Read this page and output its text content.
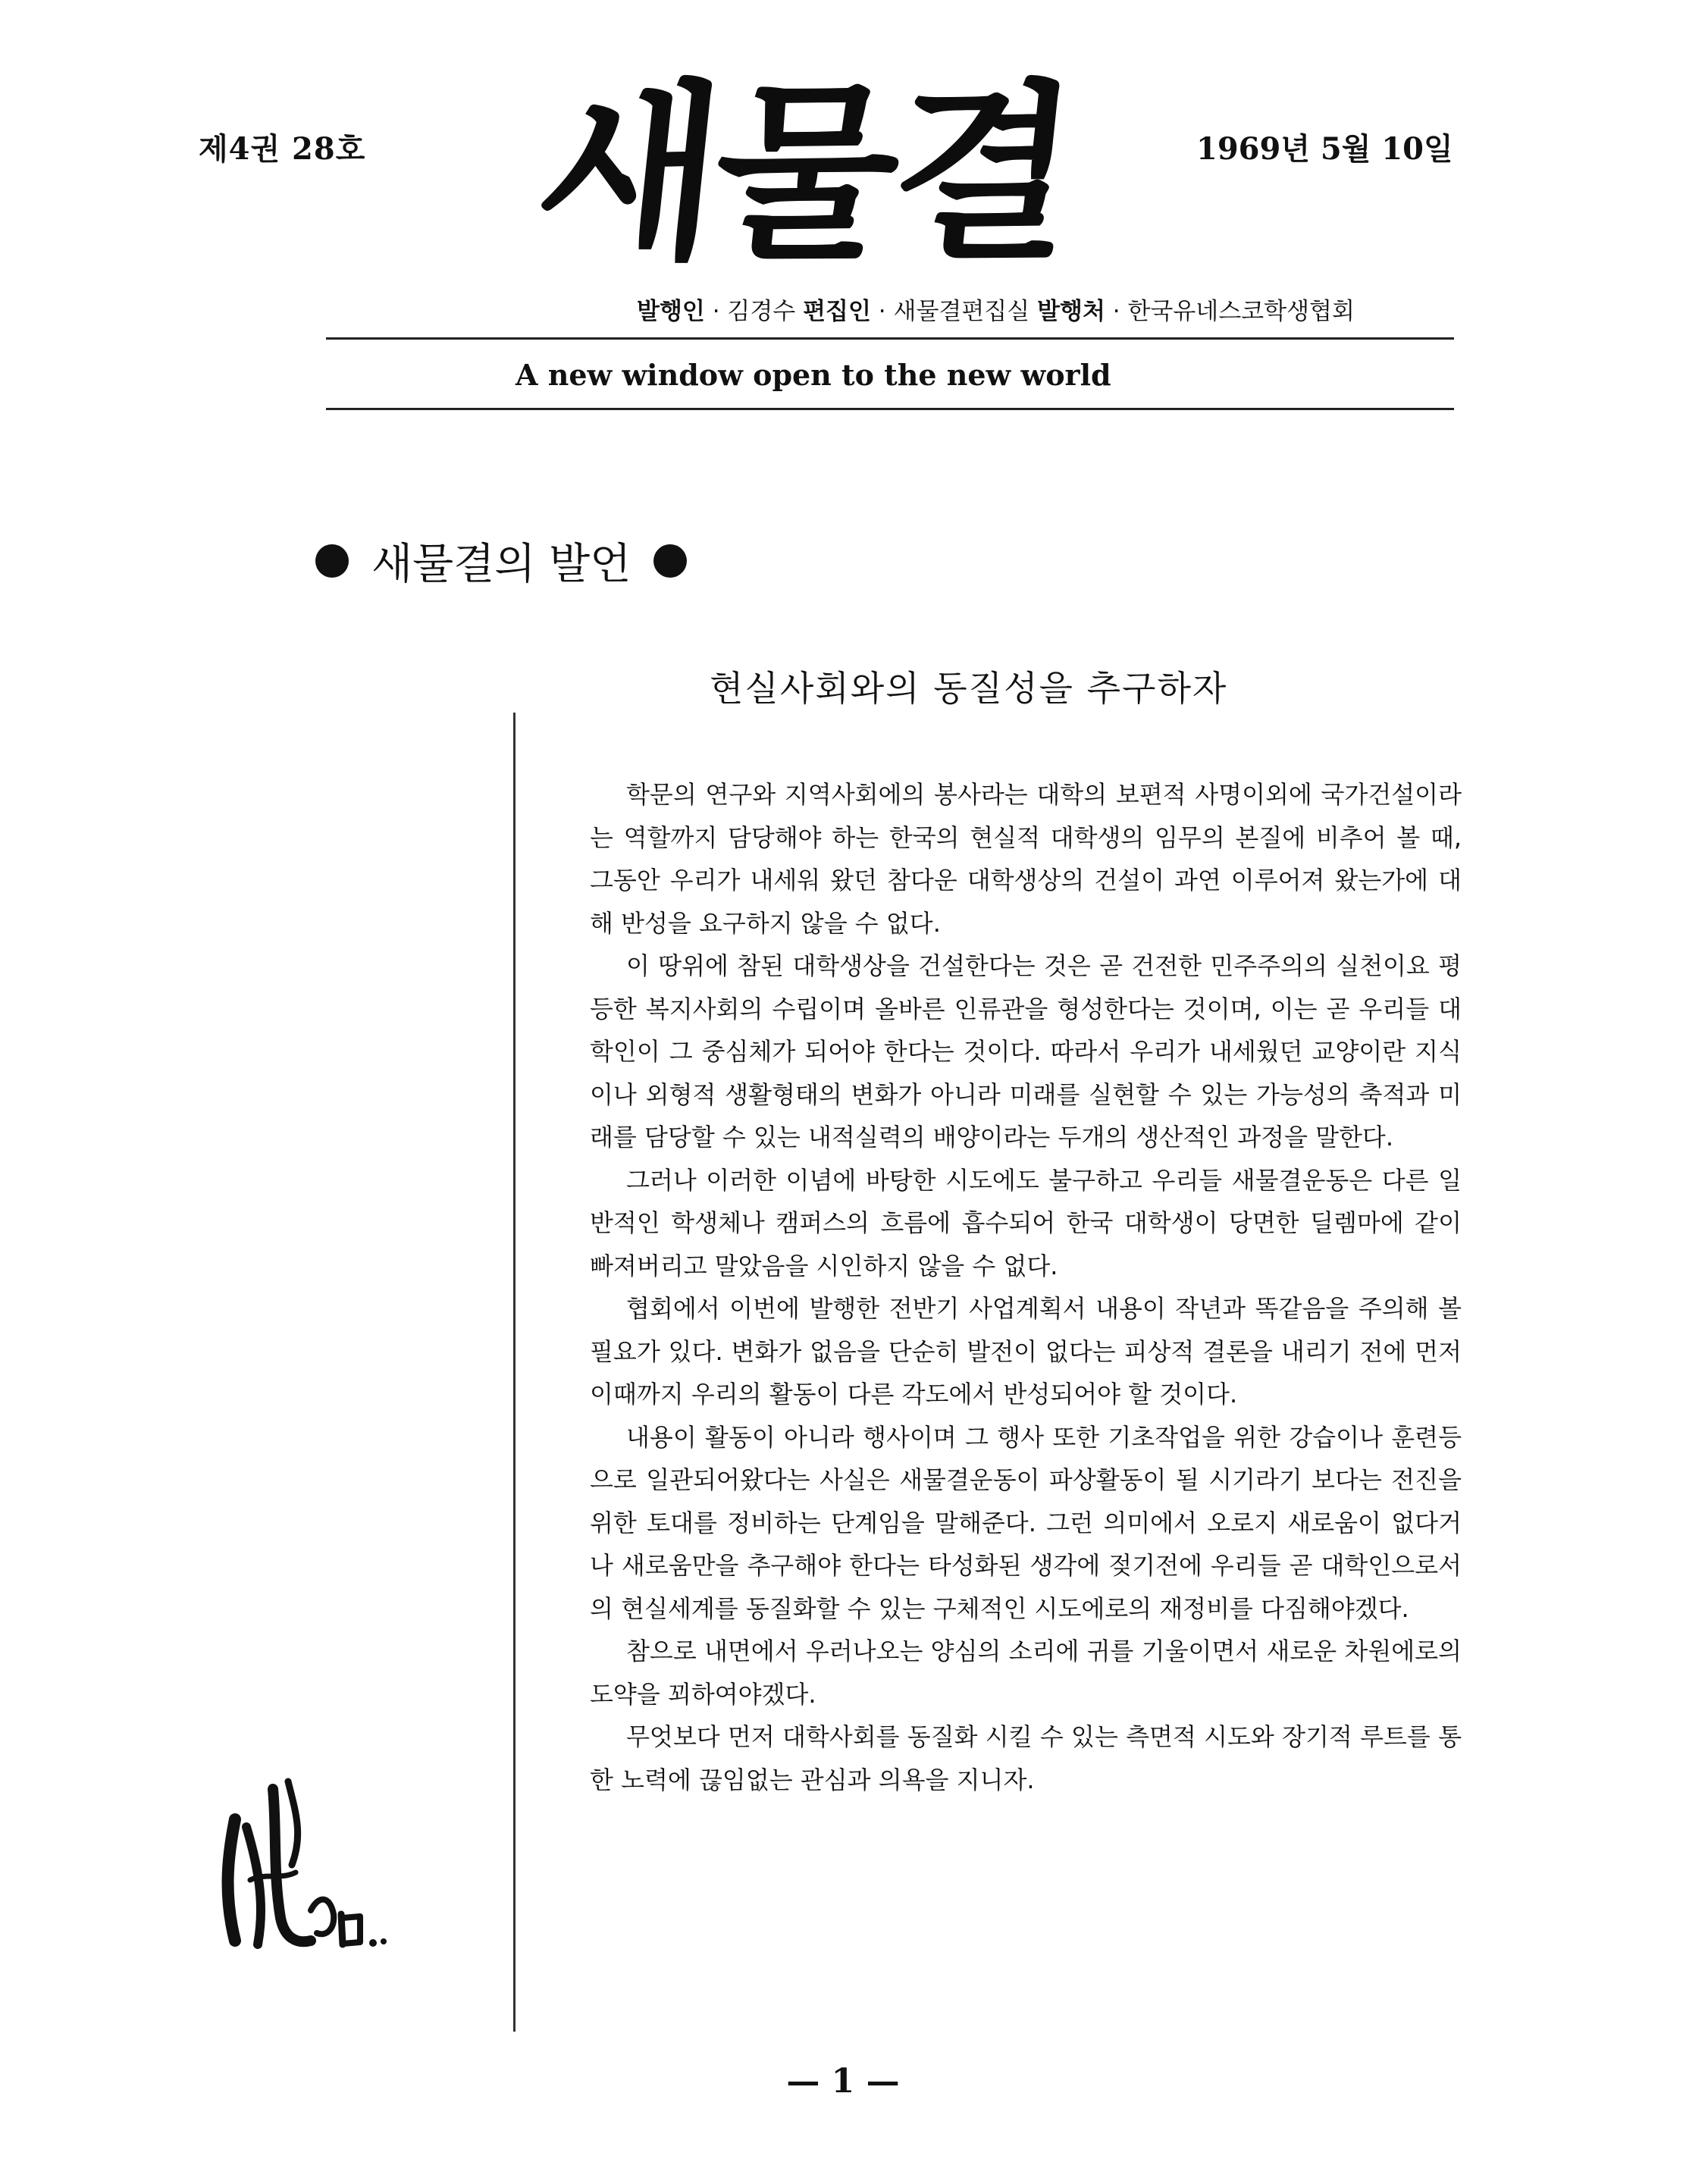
제4권 28호 새물결	1969년 5월 10일
발행인 · 김경수 편집인 · 새물결편집실 발행처 · 한국유네스코학생협회
A new window open to the new world
새물결의 발언
현실사회와의 동질성을 추구하자

학문의 연구와 지역사회에의 봉사라는 대학의 보편적 사명이외에 국가건설이라는 역할까지 담당해야 하는 한국의 현실적 대학생의 임무의 본질에 비추어 볼 때, 그동안 우리가 내세워 왔던 참다운 대학생상의 건설이 과연 이루어져 왔는가에 대해 반성을 요구하지 않을 수 없다.

이 땅위에 참된 대학생상을 건설한다는 것은 곧 건전한 민주주의의 실천이요 평등한 복지사회의 수립이며 올바른 인류관을 형성한다는 것이며, 이는 곧 우리들 대학인이 그 중심체가 되어야 한다는 것이다. 따라서 우리가 내세웠던 교양이란 지식이나 외형적 생활형태의 변화가 아니라 미래를 실현할 수 있는 가능성의 축적과 미래를 담당할 수 있는 내적실력의 배양이라는 두개의 생산적인 과정을 말한다.

그러나 이러한 이념에 바탕한 시도에도 불구하고 우리들 새물결운동은 다른 일반적인 학생체나 캠퍼스의 흐름에 흡수되어 한국 대학생이 당면한 딜렘마에 같이 빠져버리고 말았음을 시인하지 않을 수 없다.

협회에서 이번에 발행한 전반기 사업계획서 내용이 작년과 똑같음을 주의해 볼 필요가 있다. 변화가 없음을 단순히 발전이 없다는 피상적 결론을 내리기 전에 먼저 이때까지 우리의 활동이 다른 각도에서 반성되어야 할 것이다.

내용이 활동이 아니라 행사이며 그 행사 또한 기초작업을 위한 강습이나 훈련등으로 일관되어왔다는 사실은 새물결운동이 파상활동이 될 시기라기 보다는 전진을 위한 토대를 정비하는 단계임을 말해준다. 그런 의미에서 오로지 새로움이 없다거나 새로움만을 추구해야 한다는 타성화된 생각에 젖기전에 우리들 곧 대학인으로서의 현실세계를 동질화할 수 있는 구체적인 시도에로의 재정비를 다짐해야겠다.

참으로 내면에서 우러나오는 양심의 소리에 귀를 기울이면서 새로운 차원에로의 도약을 꾀하여야겠다.

무엇보다 먼저 대학사회를 동질화 시킬 수 있는 측면적 시도와 장기적 루트를 통한 노력에 끊임없는 관심과 의욕을 지니자.

— 1 —
